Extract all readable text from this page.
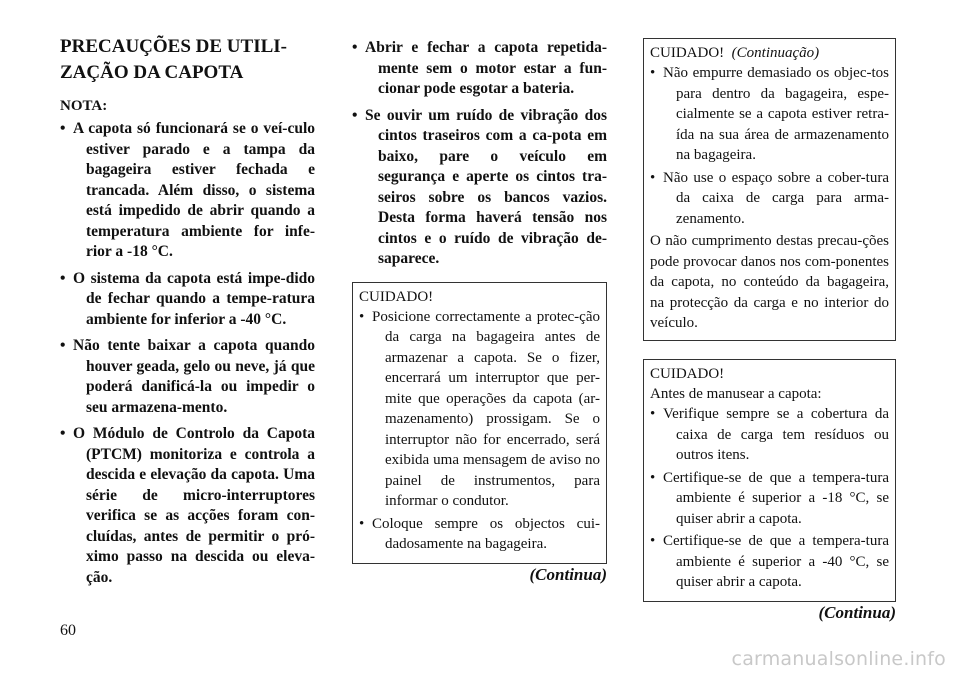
PRECAUÇÕES DE UTILI-
ZAÇÃO DA CAPOTA
NOTA:
• A capota só funcionará se o veí-culo estiver parado e a tampa da bagageira estiver fechada e trancada. Além disso, o sistema está impedido de abrir quando a temperatura ambiente for infe-rior a -18 °C.
• O sistema da capota está impe-dido de fechar quando a tempe-ratura ambiente for inferior a -40 °C.
• Não tente baixar a capota quando houver geada, gelo ou neve, já que poderá danificá-la ou impedir o seu armazena-mento.
• O Módulo de Controlo da Capota (PTCM) monitoriza e controla a descida e elevação da capota. Uma série de micro-interruptores verifica se as acções foram con-cluídas, antes de permitir o pró-ximo passo na descida ou eleva-ção.
• Abrir e fechar a capota repetida-mente sem o motor estar a fun-cionar pode esgotar a bateria.
• Se ouvir um ruído de vibração dos cintos traseiros com a ca-pota em baixo, pare o veículo em segurança e aperte os cintos tra-seiros sobre os bancos vazios. Desta forma haverá tensão nos cintos e o ruído de vibração de-saparece.
CUIDADO!
• Posicione correctamente a protec-ção da carga na bagageira antes de armazenar a capota. Se o fizer, encerrará um interruptor que per-mite que operações da capota (ar-mazenamento) prossigam. Se o interruptor não for encerrado, será exibida uma mensagem de aviso no painel de instrumentos, para informar o condutor.
• Coloque sempre os objectos cui-dadosamente na bagageira.
(Continua)
CUIDADO! (Continuação)
• Não empurre demasiado os objec-tos para dentro da bagageira, espe-cialmente se a capota estiver retra-ída na sua área de armazenamento na bagageira.
• Não use o espaço sobre a cober-tura da caixa de carga para arma-zenamento.

O não cumprimento destas precau-ções pode provocar danos nos com-ponentes da capota, no conteúdo da bagageira, na protecção da carga e no interior do veículo.

CUIDADO!

Antes de manusear a capota:

• Verifique sempre se a cobertura da caixa de carga tem resíduos ou outros itens.
• Certifique-se de que a tempera-tura ambiente é superior a -18 °C, se quiser abrir a capota.
• Certifique-se de que a tempera-tura ambiente é superior a -40 °C, se quiser abrir a capota.
(Continua)
60
carmanualsonline.info
